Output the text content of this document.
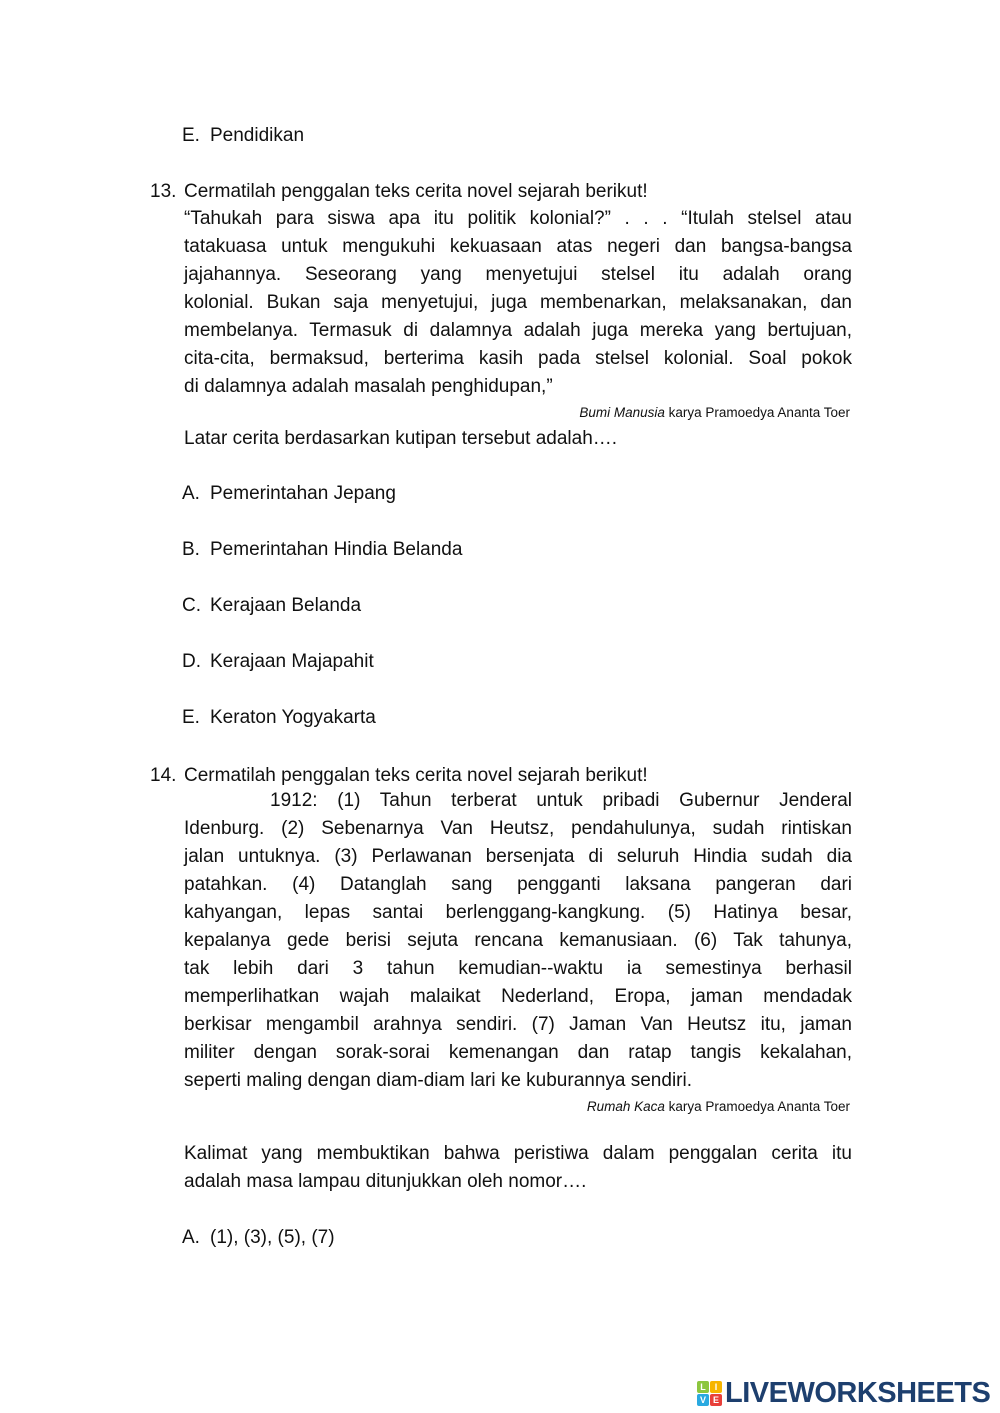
E. Pendidikan
13. Cermatilah penggalan teks cerita novel sejarah berikut!
“Tahukah para siswa apa itu politik kolonial?” . . . “Itulah stelsel atau
tatakuasa untuk mengukuhi kekuasaan atas negeri dan bangsa-bangsa
jajahannya. Seseorang yang menyetujui stelsel itu adalah orang
kolonial. Bukan saja menyetujui, juga membenarkan, melaksanakan, dan
membelanya. Termasuk di dalamnya adalah juga mereka yang bertujuan,
cita-cita, bermaksud, berterima kasih pada stelsel kolonial. Soal pokok
di dalamnya adalah masalah penghidupan,”
Bumi Manusia karya Pramoedya Ananta Toer
Latar cerita berdasarkan kutipan tersebut adalah….
A. Pemerintahan Jepang
B. Pemerintahan Hindia Belanda
C. Kerajaan Belanda
D. Kerajaan Majapahit
E. Keraton Yogyakarta
14. Cermatilah penggalan teks cerita novel sejarah berikut!
1912: (1) Tahun terberat untuk pribadi Gubernur Jenderal
Idenburg. (2) Sebenarnya Van Heutsz, pendahulunya, sudah rintiskan
jalan untuknya. (3) Perlawanan bersenjata di seluruh Hindia sudah dia
patahkan. (4) Datanglah sang pengganti laksana pangeran dari
kahyangan, lepas santai berlenggang-kangkung. (5) Hatinya besar,
kepalanya gede berisi sejuta rencana kemanusiaan. (6) Tak tahunya,
tak lebih dari 3 tahun kemudian--waktu ia semestinya berhasil
memperlihatkan wajah malaikat Nederland, Eropa, jaman mendadak
berkisar mengambil arahnya sendiri. (7) Jaman Van Heutsz itu, jaman
militer dengan sorak-sorai kemenangan dan ratap tangis kekalahan,
seperti maling dengan diam-diam lari ke kuburannya sendiri.
Rumah Kaca karya Pramoedya Ananta Toer
Kalimat yang membuktikan bahwa peristiwa dalam penggalan cerita itu
adalah masa lampau ditunjukkan oleh nomor….
A. (1), (3), (5), (7)
L I
V E LIVEWORKSHEETS
